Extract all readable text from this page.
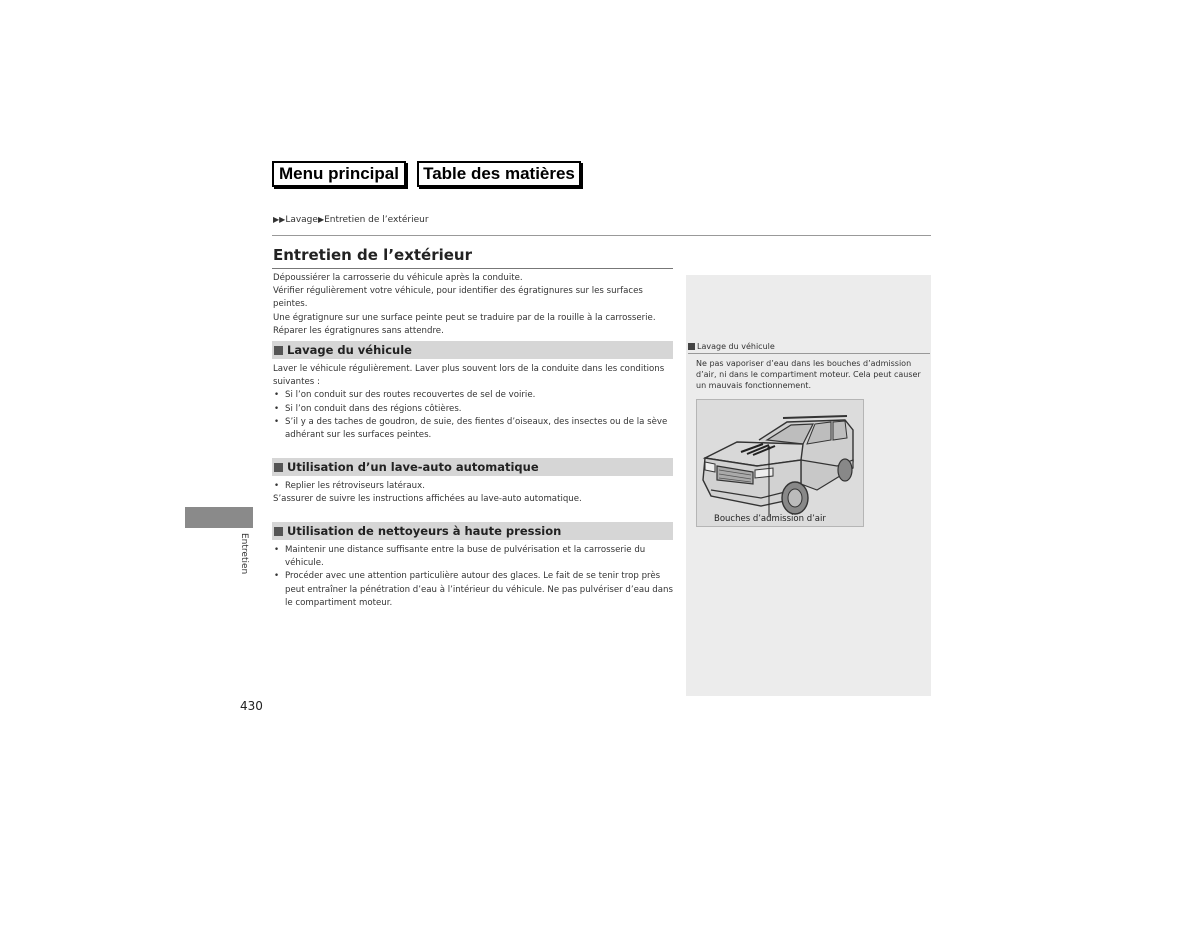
Menu principal	Table des matières
▶▶Lavage▶Entretien de l’extérieur
Entretien de l’extérieur

Dépoussiérer la carrosserie du véhicule après la conduite.

Vérifier régulièrement votre véhicule, pour identifier des égratignures sur les surfaces peintes.

Une égratignure sur une surface peinte peut se traduire par de la rouille à la carrosserie.

Réparer les égratignures sans attendre.

Lavage du véhicule

Laver le véhicule régulièrement. Laver plus souvent lors de la conduite dans les conditions suivantes :

• Si l’on conduit sur des routes recouvertes de sel de voirie.
• Si l’on conduit dans des régions côtières.
• S’il y a des taches de goudron, de suie, des fientes d’oiseaux, des insectes ou de la sève adhérant sur les surfaces peintes.
Utilisation d’un lave-auto automatique
• Replier les rétroviseurs latéraux.

S’assurer de suivre les instructions affichées au lave-auto automatique.

Utilisation de nettoyeurs à haute pression
• Maintenir une distance suffisante entre la buse de pulvérisation et la carrosserie du véhicule.
• Procéder avec une attention particulière autour des glaces. Le fait de se tenir trop près peut entraîner la pénétration d’eau à l’intérieur du véhicule. Ne pas pulvériser d’eau dans le compartiment moteur.
Entretien
430
Lavage du véhicule
Ne pas vaporiser d’eau dans les bouches d’admission d’air, ni dans le compartiment moteur. Cela peut causer un mauvais fonctionnement.
Bouches d’admission d’air
